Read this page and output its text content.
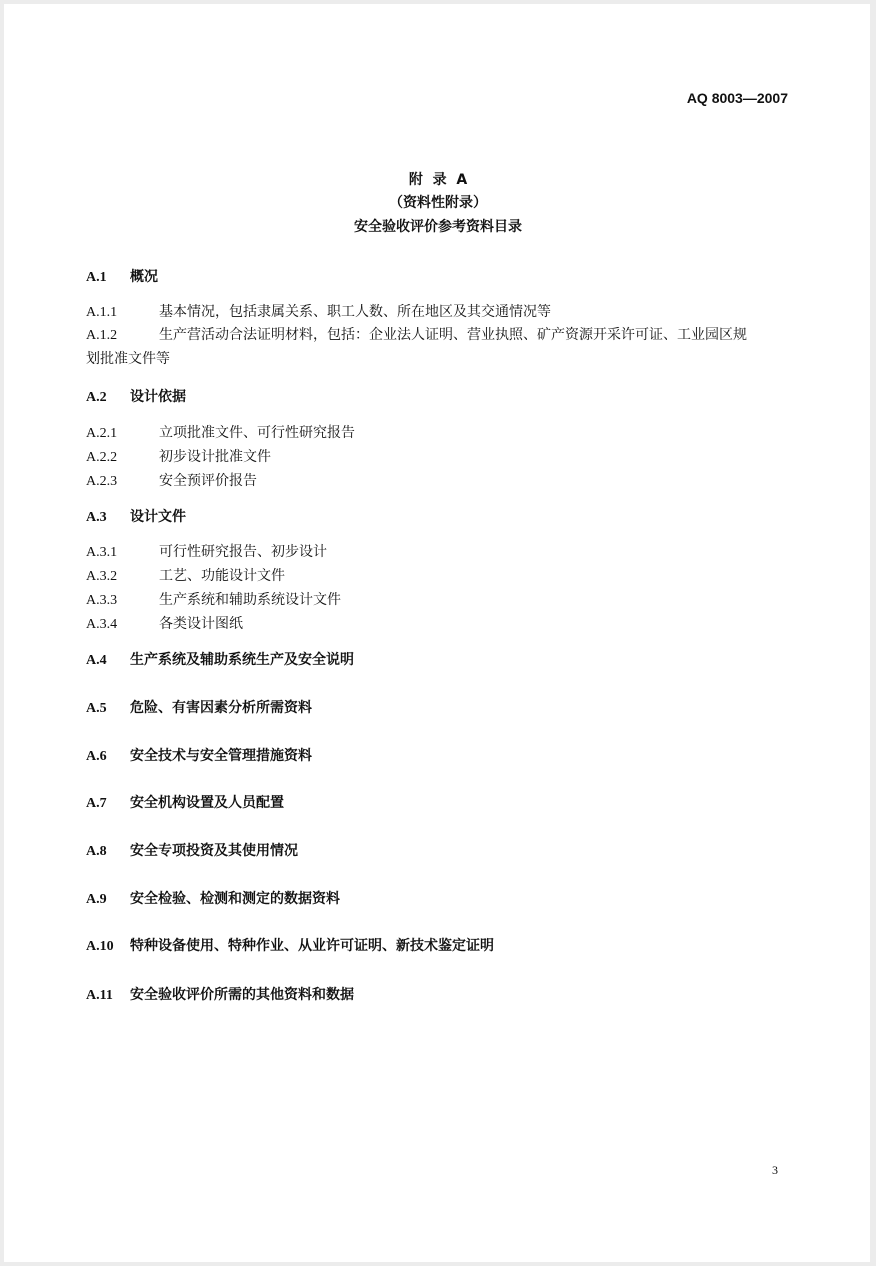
AQ 8003—2007
附  录  A
（资料性附录）
安全验收评价参考资料目录
A.1 概况
A.1.1	基本情况，包括隶属关系、职工人数、所在地区及其交通情况等
A.1.2	生产营活动合法证明材料，包括：企业法人证明、营业执照、矿产资源开采许可证、工业园区规
划批准文件等
A.2 设计依据
A.2.1	立项批准文件、可行性研究报告
A.2.2	初步设计批准文件
A.2.3	安全预评价报告
A.3 设计文件
A.3.1	可行性研究报告、初步设计
A.3.2	工艺、功能设计文件
A.3.3	生产系统和辅助系统设计文件
A.3.4	各类设计图纸
A.4 生产系统及辅助系统生产及安全说明
A.5 危险、有害因素分析所需资料
A.6 安全技术与安全管理措施资料
A.7 安全机构设置及人员配置
A.8 安全专项投资及其使用情况
A.9 安全检验、检测和测定的数据资料
A.10 特种设备使用、特种作业、从业许可证明、新技术鉴定证明
A.11 安全验收评价所需的其他资料和数据
3
